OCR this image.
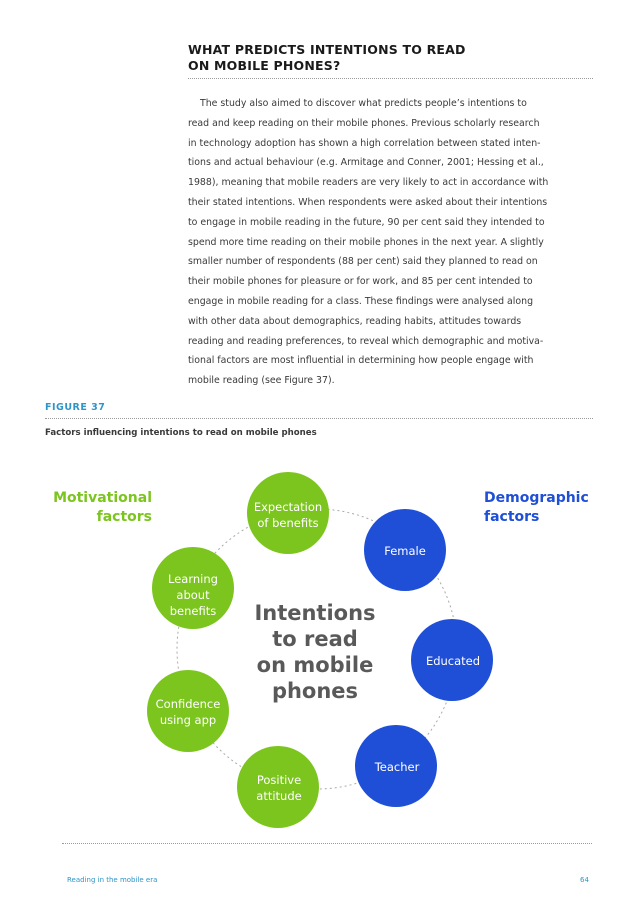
WHAT PREDICTS INTENTIONS TO READ
ON MOBILE PHONES?
The study also aimed to discover what predicts people’s intentions to
read and keep reading on their mobile phones. Previous scholarly research
in technology adoption has shown a high correlation between stated inten-
tions and actual behaviour (e.g. Armitage and Conner, 2001; Hessing et al.,
1988), meaning that mobile readers are very likely to act in accordance with
their stated intentions. When respondents were asked about their intentions
to engage in mobile reading in the future, 90 per cent said they intended to
spend more time reading on their mobile phones in the next year. A slightly
smaller number of respondents (88 per cent) said they planned to read on
their mobile phones for pleasure or for work, and 85 per cent intended to
engage in mobile reading for a class. These findings were analysed along
with other data about demographics, reading habits, attitudes towards
reading and reading preferences, to reveal which demographic and motiva-
tional factors are most influential in determining how people engage with
mobile reading (see Figure 37).
FIGURE 37
Factors influencing intentions to read on mobile phones
Motivational
factors
Demographic
factors
Intentions
to read
on mobile
phones
Expectation
of benefits
Female
Educated
Teacher
Positive
attitude
Confidence
using app
Learning
about
benefits
Reading in the mobile era	64
